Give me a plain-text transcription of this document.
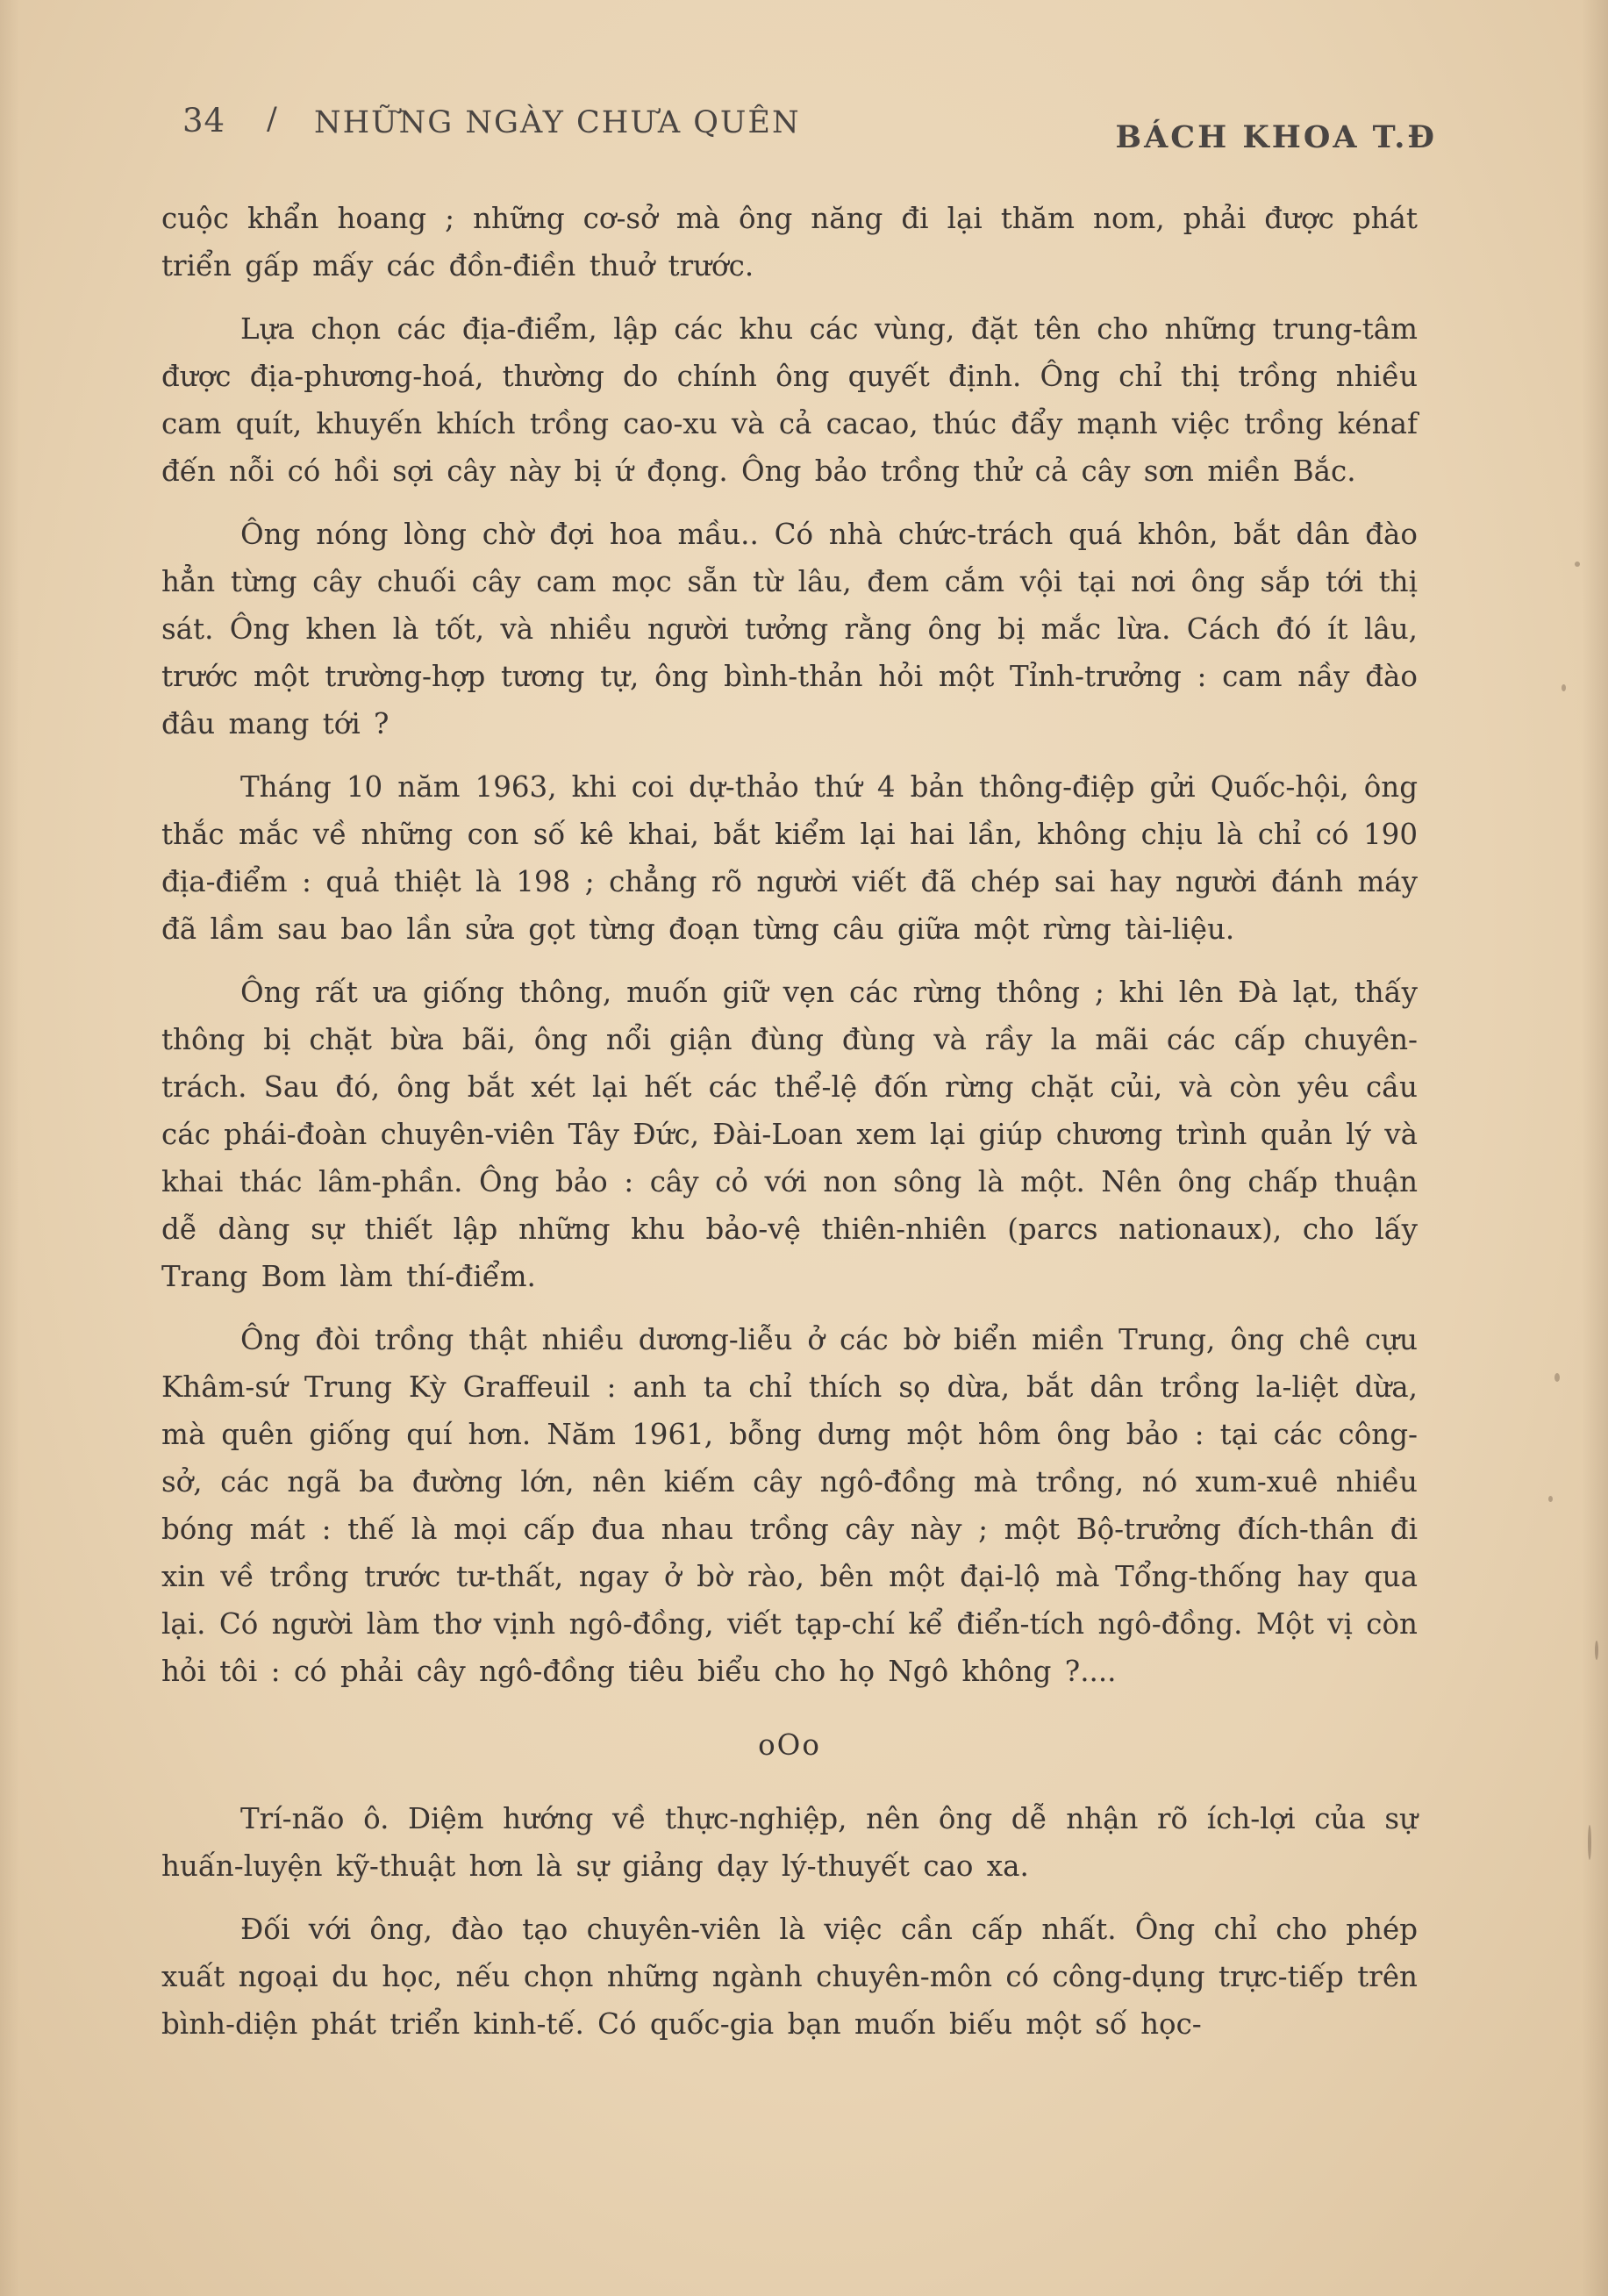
34 / NHỮNG NGÀY CHƯA QUÊN	BÁCH KHOA T.Đ

cuộc khẩn hoang ; những cơ-sở mà ông năng đi lại thăm nom, phải được phát triển gấp mấy các đồn-điền thuở trước.

Lựa chọn các địa-điểm, lập các khu các vùng, đặt tên cho những trung-tâm được địa-phương-hoá, thường do chính ông quyết định. Ông chỉ thị trồng nhiều cam quít, khuyến khích trồng cao-xu và cả cacao, thúc đẩy mạnh việc trồng kénaf đến nỗi có hồi sợi cây này bị ứ đọng. Ông bảo trồng thử cả cây sơn miền Bắc.

Ông nóng lòng chờ đợi hoa mầu.. Có nhà chức-trách quá khôn, bắt dân đào hẳn từng cây chuối cây cam mọc sẵn từ lâu, đem cắm vội tại nơi ông sắp tới thị sát. Ông khen là tốt, và nhiều người tưởng rằng ông bị mắc lừa. Cách đó ít lâu, trước một trường-hợp tương tự, ông bình-thản hỏi một Tỉnh-trưởng : cam nầy đào đâu mang tới ?

Tháng 10 năm 1963, khi coi dự-thảo thứ 4 bản thông-điệp gửi Quốc-hội, ông thắc mắc về những con số kê khai, bắt kiểm lại hai lần, không chịu là chỉ có 190 địa-điểm : quả thiệt là 198 ; chẳng rõ người viết đã chép sai hay người đánh máy đã lầm sau bao lần sửa gọt từng đoạn từng câu giữa một rừng tài-liệu.

Ông rất ưa giống thông, muốn giữ vẹn các rừng thông ; khi lên Đà lạt, thấy thông bị chặt bừa bãi, ông nổi giận đùng đùng và rầy la mãi các cấp chuyên-trách. Sau đó, ông bắt xét lại hết các thể-lệ đốn rừng chặt củi, và còn yêu cầu các phái-đoàn chuyên-viên Tây Đức, Đài-Loan xem lại giúp chương trình quản lý và khai thác lâm-phần. Ông bảo : cây cỏ với non sông là một. Nên ông chấp thuận dễ dàng sự thiết lập những khu bảo-vệ thiên-nhiên (parcs nationaux), cho lấy Trang Bom làm thí-điểm.

Ông đòi trồng thật nhiều dương-liễu ở các bờ biển miền Trung, ông chê cựu Khâm-sứ Trung Kỳ Graffeuil : anh ta chỉ thích sọ dừa, bắt dân trồng la-liệt dừa, mà quên giống quí hơn. Năm 1961, bỗng dưng một hôm ông bảo : tại các công-sở, các ngã ba đường lớn, nên kiếm cây ngô-đồng mà trồng, nó xum-xuê nhiều bóng mát : thế là mọi cấp đua nhau trồng cây này ; một Bộ-trưởng đích-thân đi xin về trồng trước tư-thất, ngay ở bờ rào, bên một đại-lộ mà Tổng-thống hay qua lại. Có người làm thơ vịnh ngô-đồng, viết tạp-chí kể điển-tích ngô-đồng. Một vị còn hỏi tôi : có phải cây ngô-đồng tiêu biểu cho họ Ngô không ?....

oOo

Trí-não ô. Diệm hướng về thực-nghiệp, nên ông dễ nhận rõ ích-lợi của sự huấn-luyện kỹ-thuật hơn là sự giảng dạy lý-thuyết cao xa.

Đối với ông, đào tạo chuyên-viên là việc cần cấp nhất. Ông chỉ cho phép xuất ngoại du học, nếu chọn những ngành chuyên-môn có công-dụng trực-tiếp trên bình-diện phát triển kinh-tế. Có quốc-gia bạn muốn biếu một số học-
